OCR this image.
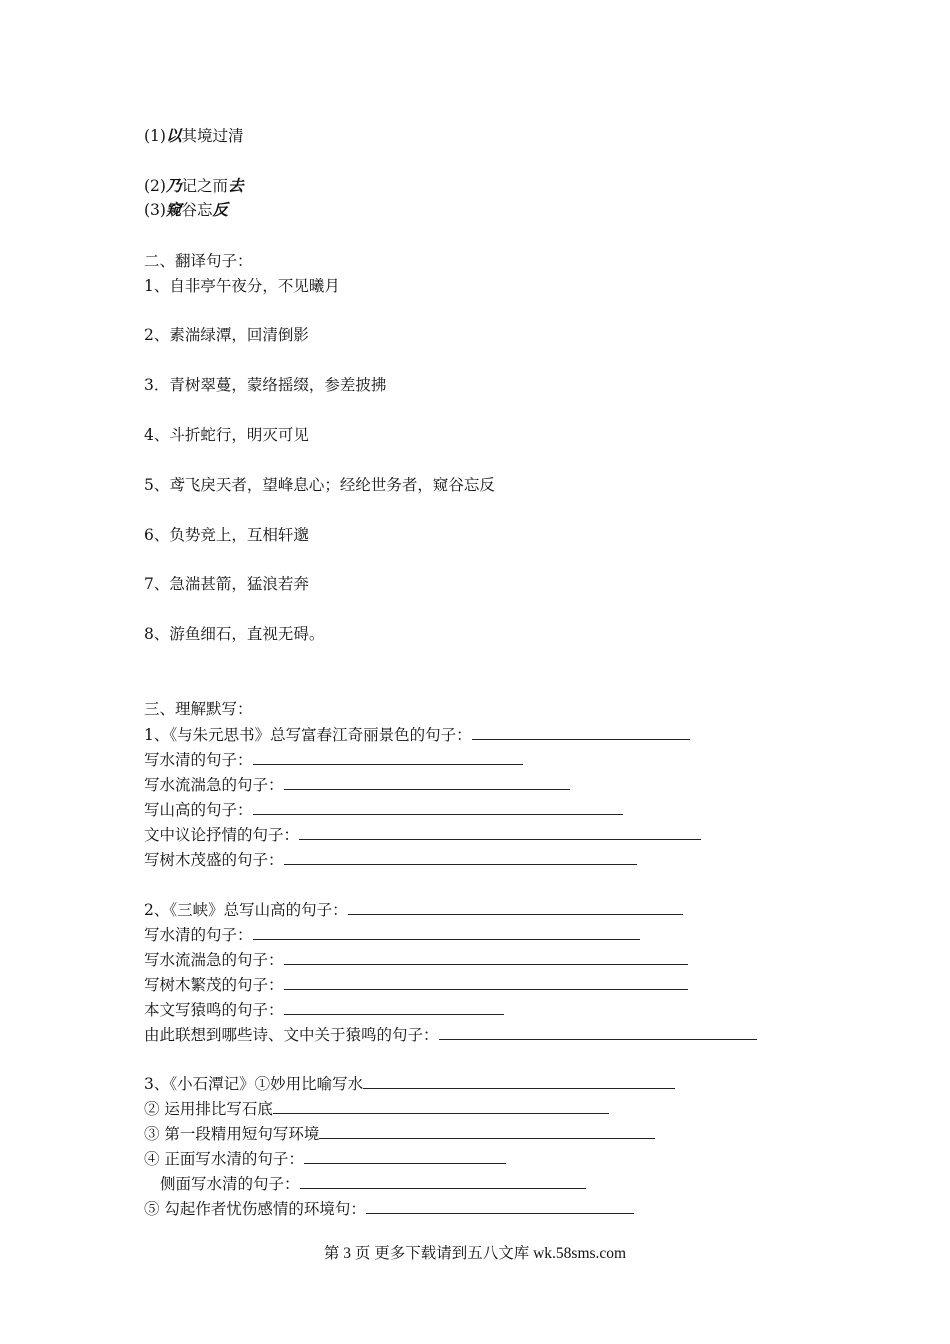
(1)以其境过清
(2)乃记之而去
(3)窥谷忘反
二、翻译句子：
1、自非亭午夜分，不见曦月
2、素湍绿潭，回清倒影
3．青树翠蔓，蒙络摇缀，参差披拂
4、斗折蛇行，明灭可见
5、鸢飞戾天者，望峰息心；经纶世务者，窥谷忘反
6、负势竞上，互相轩邈
7、急湍甚箭，猛浪若奔
8、游鱼细石，直视无碍。
三、理解默写：
1、《与朱元思书》总写富春江奇丽景色的句子：
写水清的句子：
写水流湍急的句子：
写山高的句子：
文中议论抒情的句子：
写树木茂盛的句子：
2、《三峡》总写山高的句子：
写水清的句子：
写水流湍急的句子：
写树木繁茂的句子：
本文写猿鸣的句子：
由此联想到哪些诗、文中关于猿鸣的句子：
3、《小石潭记》①妙用比喻写水
② 运用排比写石底
③ 第一段精用短句写环境
④ 正面写水清的句子：
侧面写水清的句子：
⑤ 勾起作者忧伤感情的环境句：
第 3 页 更多下载请到五八文库 wk.58sms.com
